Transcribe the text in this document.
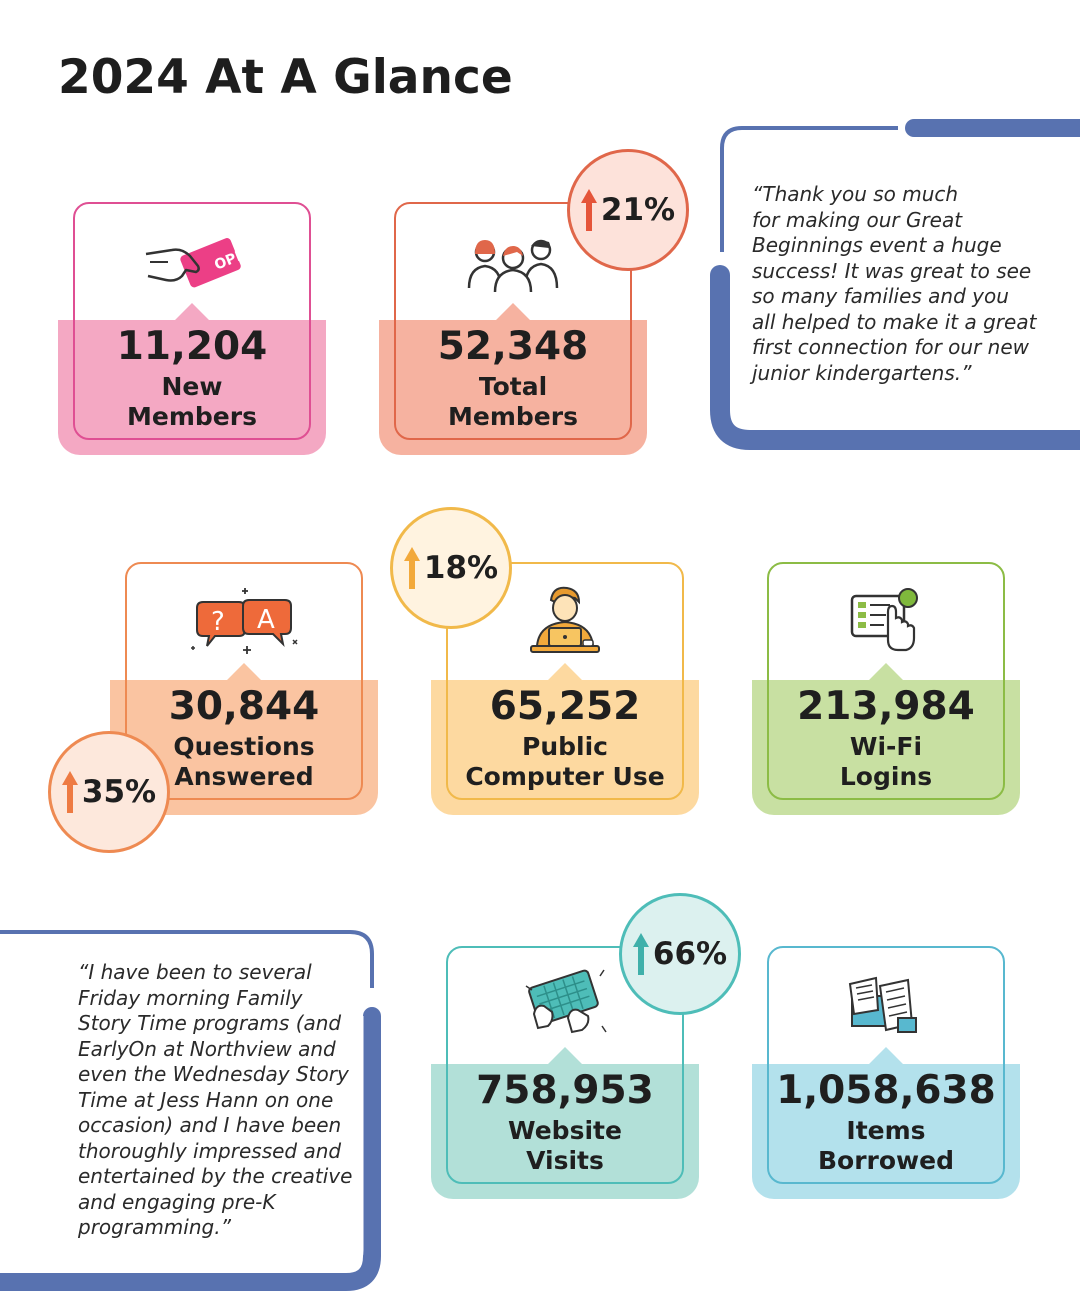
2024 At A Glance
“Thank you so much
for making our Great
Beginnings event a huge
success! It was great to see
so many families and you
all helped to make it a great
first connection for our new
junior kindergartens.”
“I have been to several
Friday morning Family
Story Time programs (and
EarlyOn at Northview and
even the Wednesday Story
Time at Jess Hann on one
occasion) and I have been
thoroughly impressed and
entertained by the creative
and engaging pre-K
programming.”
OPL
11,204
New
Members
52,348
Total
Members
? A
30,844
Questions
Answered
65,252
Public
Computer Use
213,984
Wi-Fi
Logins
758,953
Website
Visits
1,058,638
Items
Borrowed
21%
18%
35%
66%
